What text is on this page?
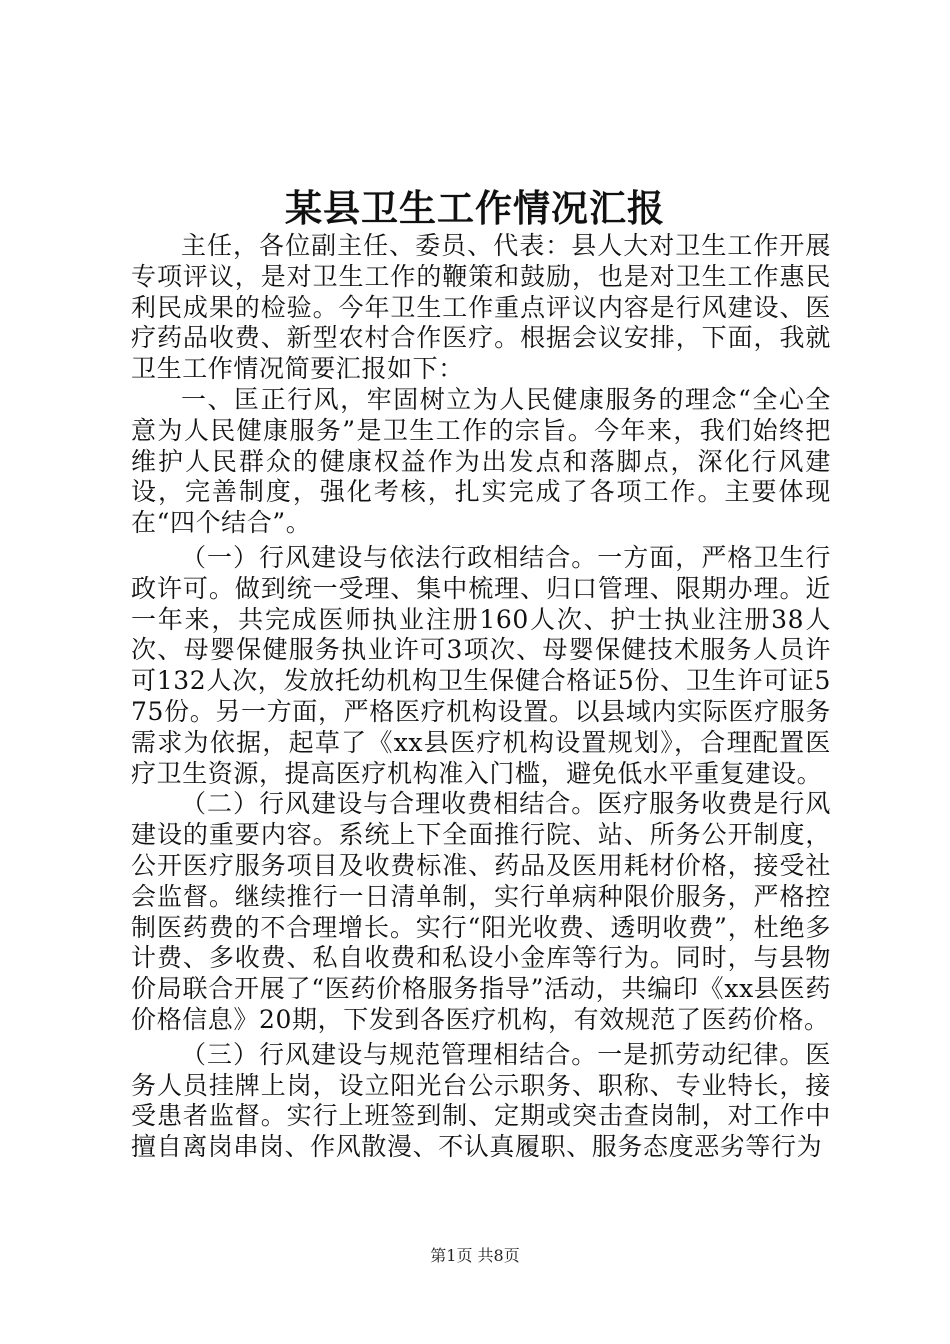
某县卫生工作情况汇报

主任，各位副主任、委员、代表：县人大对卫生工作开展专项评议，是对卫生工作的鞭策和鼓励，也是对卫生工作惠民利民成果的检验。今年卫生工作重点评议内容是行风建设、医疗药品收费、新型农村合作医疗。根据会议安排，下面，我就卫生工作情况简要汇报如下：

一、匡正行风，牢固树立为人民健康服务的理念“全心全意为人民健康服务”是卫生工作的宗旨。今年来，我们始终把维护人民群众的健康权益作为出发点和落脚点，深化行风建设，完善制度，强化考核，扎实完成了各项工作。主要体现在“四个结合”。

（一）行风建设与依法行政相结合。一方面，严格卫生行政许可。做到统一受理、集中梳理、归口管理、限期办理。近一年来，共完成医师执业注册160人次、护士执业注册38人次、母婴保健服务执业许可3项次、母婴保健技术服务人员许可132人次，发放托幼机构卫生保健合格证5份、卫生许可证575份。另一方面，严格医疗机构设置。以县域内实际医疗服务需求为依据，起草了《xx县医疗机构设置规划》，合理配置医疗卫生资源，提高医疗机构准入门槛，避免低水平重复建设。

（二）行风建设与合理收费相结合。医疗服务收费是行风建设的重要内容。系统上下全面推行院、站、所务公开制度，公开医疗服务项目及收费标准、药品及医用耗材价格，接受社会监督。继续推行一日清单制，实行单病种限价服务，严格控制医药费的不合理增长。实行“阳光收费、透明收费”，杜绝多计费、多收费、私自收费和私设小金库等行为。同时，与县物价局联合开展了“医药价格服务指导”活动，共编印《xx县医药价格信息》20期，下发到各医疗机构，有效规范了医药价格。

（三）行风建设与规范管理相结合。一是抓劳动纪律。医务人员挂牌上岗，设立阳光台公示职务、职称、专业特长，接受患者监督。实行上班签到制、定期或突击查岗制，对工作中擅自离岗串岗、作风散漫、不认真履职、服务态度恶劣等行为

第1页 共8页
